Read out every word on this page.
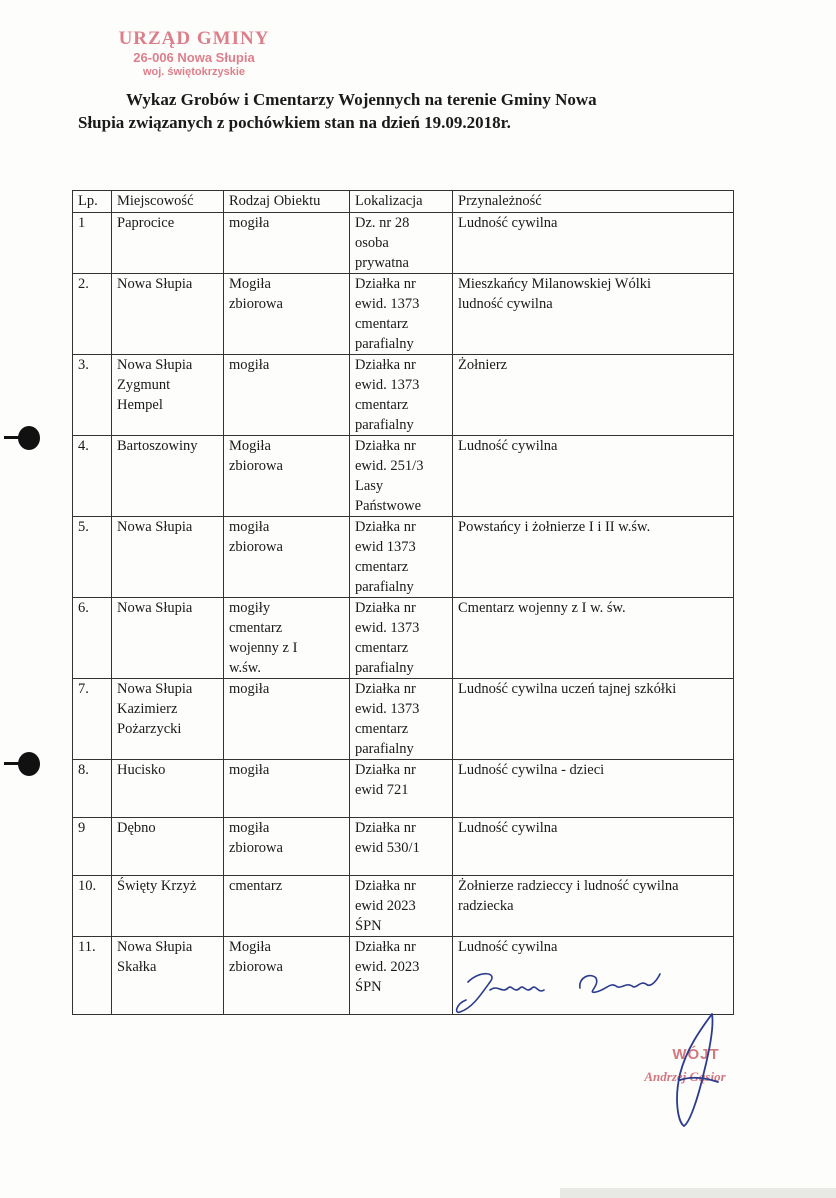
URZĄD GMINY
26-006 Nowa Słupia
woj. świętokrzyskie
Wykaz Grobów i Cmentarzy Wojennych na terenie Gminy Nowa
Słupia związanych z pochówkiem stan na dzień 19.09.2018r.
Lp.	Miejscowość	Rodzaj Obiektu	Lokalizacja	Przynależność

1	Paprocice	mogiła	Dz. nr 28
osoba
prywatna	Ludność cywilna

2.	Nowa Słupia	Mogiła
zbiorowa	Działka nr
ewid. 1373
cmentarz
parafialny	Mieszkańcy Milanowskiej Wólki
ludność cywilna

3.	Nowa Słupia
Zygmunt
Hempel	mogiła	Działka nr
ewid. 1373
cmentarz
parafialny	Żołnierz

4.	Bartoszowiny	Mogiła
zbiorowa	Działka nr
ewid. 251/3
Lasy
Państwowe	Ludność cywilna

5.	Nowa Słupia	mogiła
zbiorowa	Działka nr
ewid 1373
cmentarz
parafialny	Powstańcy i żołnierze I i II w.św.

6.	Nowa Słupia	mogiły
cmentarz
wojenny z I
w.św.	Działka nr
ewid. 1373
cmentarz
parafialny	Cmentarz wojenny z I w. św.

7.	Nowa Słupia
Kazimierz
Pożarzycki	mogiła	Działka nr
ewid. 1373
cmentarz
parafialny	Ludność cywilna uczeń tajnej szkółki

8.	Hucisko	mogiła	Działka nr
ewid 721	Ludność cywilna - dzieci

9	Dębno	mogiła
zbiorowa	Działka nr
ewid 530/1	Ludność cywilna

10.	Święty Krzyż	cmentarz	Działka nr
ewid 2023
ŚPN	Żołnierze radzieccy i ludność cywilna
radziecka

11.	Nowa Słupia
Skałka	Mogiła
zbiorowa	Działka nr
ewid. 2023
ŚPN	Ludność cywilna
WÓJT
Andrzej Gąsior
